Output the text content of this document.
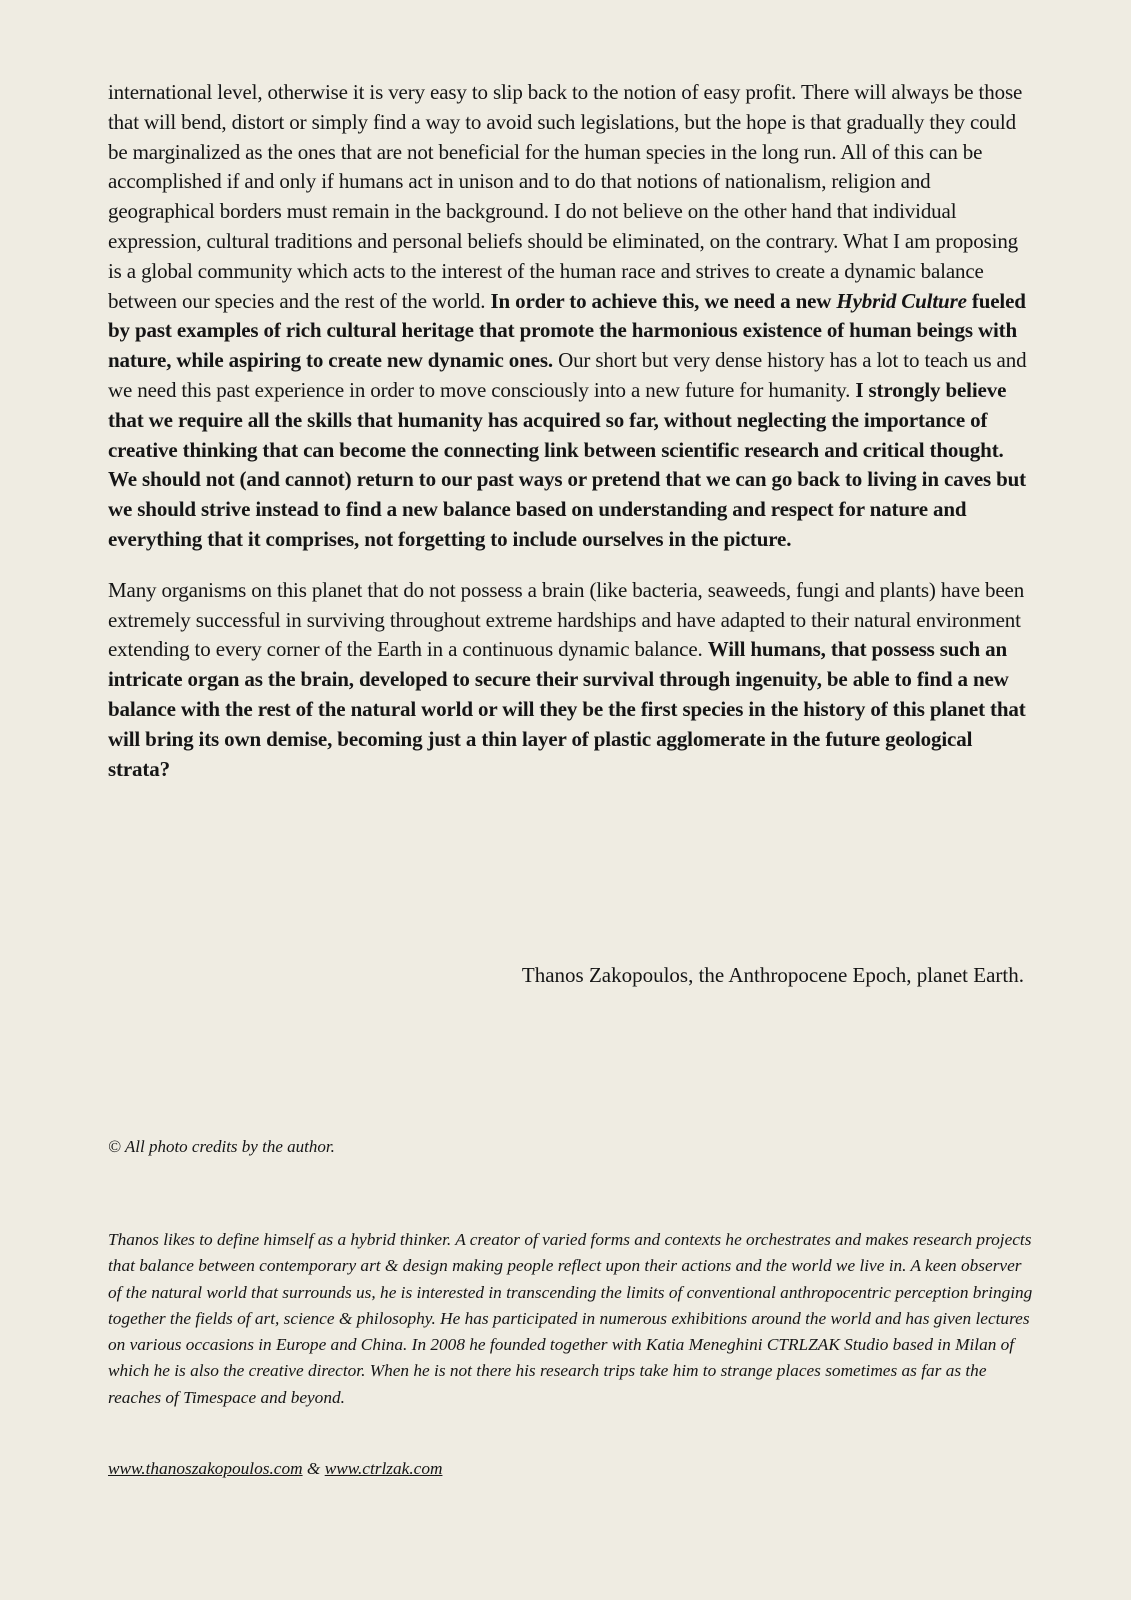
international level, otherwise it is very easy to slip back to the notion of easy profit. There will always be those that will bend, distort or simply find a way to avoid such legislations, but the hope is that gradually they could be marginalized as the ones that are not beneficial for the human species in the long run. All of this can be accomplished if and only if humans act in unison and to do that notions of nationalism, religion and geographical borders must remain in the background. I do not believe on the other hand that individual expression, cultural traditions and personal beliefs should be eliminated, on the contrary. What I am proposing is a global community which acts to the interest of the human race and strives to create a dynamic balance between our species and the rest of the world. In order to achieve this, we need a new Hybrid Culture fueled by past examples of rich cultural heritage that promote the harmonious existence of human beings with nature, while aspiring to create new dynamic ones. Our short but very dense history has a lot to teach us and we need this past experience in order to move consciously into a new future for humanity. I strongly believe that we require all the skills that humanity has acquired so far, without neglecting the importance of creative thinking that can become the connecting link between scientific research and critical thought. We should not (and cannot) return to our past ways or pretend that we can go back to living in caves but we should strive instead to find a new balance based on understanding and respect for nature and everything that it comprises, not forgetting to include ourselves in the picture.

Many organisms on this planet that do not possess a brain (like bacteria, seaweeds, fungi and plants) have been extremely successful in surviving throughout extreme hardships and have adapted to their natural environment extending to every corner of the Earth in a continuous dynamic balance. Will humans, that possess such an intricate organ as the brain, developed to secure their survival through ingenuity, be able to find a new balance with the rest of the natural world or will they be the first species in the history of this planet that will bring its own demise, becoming just a thin layer of plastic agglomerate in the future geological strata?

Thanos Zakopoulos, the Anthropocene Epoch, planet Earth.

© All photo credits by the author.

Thanos likes to define himself as a hybrid thinker. A creator of varied forms and contexts he orchestrates and makes research projects that balance between contemporary art & design making people reflect upon their actions and the world we live in. A keen observer of the natural world that surrounds us, he is interested in transcending the limits of conventional anthropocentric perception bringing together the fields of art, science & philosophy. He has participated in numerous exhibitions around the world and has given lectures on various occasions in Europe and China. In 2008 he founded together with Katia Meneghini CTRLZAK Studio based in Milan of which he is also the creative director. When he is not there his research trips take him to strange places sometimes as far as the reaches of Timespace and beyond.

www.thanoszakopoulos.com & www.ctrlzak.com
